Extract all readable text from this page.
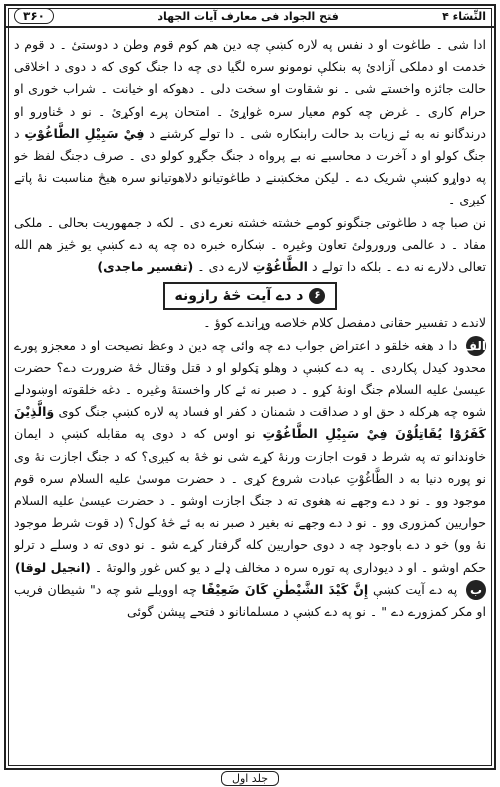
النِّسَاء ۴
فتح الجواد فی معارف آیات الجهاد
۳۶۰

ادا شی ۔ طاغوت او د نفس په لاره کښې چه دین هم کوم قوم وطن د دوستیٔ ۔ د قوم د خدمت او دملکی آزادیٔ په بنکلې نومونو سره لگیا دی چه دا جنگ کوی که د دوی د اخلاقی حالت جائزه واخستے شی ۔ نو شقاوت او سخت دلی ۔ دهوکه او خیانت ۔ شراب خوری او حرام کاری ۔ غرض چه کوم معیار سره غواړئ ۔ امتحان پرے اوکړئ ۔ نو د ځناورو او درندگانو نه به ئے زیات بد حالت رابنکاره شی ۔ دا تولے کرشنے د فِيْ سَبِيْلِ الطَّاغُوْتِ د جنگ کولو او د آخرت د محاسبے نه بے پرواه د جنگ جگړو کولو دی ۔ صرف دجنگ لفظ خو په دواړو کښې شریک دے ۔ لیکن مخکښنے د طاغوتیانو دلاهوتیانو سره هیڅ مناسبت نۀ پاتے کیږی ۔

نن صبا چه د طاغوتی جنگونو کومے خشته خشته نعرے دی ۔ لکه د جمهوریت بحالی ۔ ملکی مفاد ۔ د عالمی ورورولئ تعاون وغیره ۔ ښکاره خبره ده چه په دے کښې یو څیز هم الله تعالی دلارے نه دے ۔ بلکه دا تولے د الطَّاغُوْتِ لارے دی ۔ (تفسیر ماجدی)

۶
د دے آیت څۀ رازونه

لاندے د تفسیر حقانی دمفصل کلام خلاصه وړاندے کوؤ ۔

الف دا د هغه خلقو د اعتراض جواب دے چه وائی چه دین د وعظ نصیحت او د معجزو پورے محدود کیدل پکاردی ۔ په دے کښې د وهلو ټکولو او د قتل وقتال څۀ ضرورت دے؟ حضرت عیسیٰ علیه السلام جنگ اونۀ کړو ۔ د صبر نه ئے کار واخستۀ وغیره ۔ دغه خلقوته اوښودلے شوه چه هرکله د حق او د صداقت د شمنان د کفر او فساد په لاره کښې جنگ کوی وَالَّذِيْنَ كَفَرُوْا يُقَاتِلُوْنَ فِيْ سَبِيْلِ الطَّاغُوْتِ نو اوس که د دوی په مقابله کښې د ایمان خاوندانو ته په شرط د قوت اجازت ورنۀ کړے شی نو څۀ به کیږی؟ که د جنگ اجازت نۀ وی نو پوره دنیا به د الطَّاغُوْتِ عبادت شروع کړی ۔ د حضرت موسیٰ علیه السلام سره قوم موجود وو ۔ نو د دے وجهے نه هغوی ته د جنگ اجازت اوشو ۔ د حضرت عیسیٰ علیه السلام حواریین کمزوری وو ۔ نو د دے وجهے نه بغیر د صبر نه به ئے څۀ کول؟ (د قوت شرط موجود نۀ وو) خو د دے باوجود چه د دوی حواریین کله گرفتار کړے شو ۔ نو دوی ته د وسلے د ترلو حکم اوشو ۔ او د دیوداری په توره سره د مخالف ډلے د یو کس غوږ والوتۀ ۔ (انجیل لوقا)

ب په دے آیت کښې إِنَّ كَيْدَ الشَّيْطٰنِ كَانَ ضَعِيْفًا چه اوویلے شو چه د" شیطان فریب او مکر کمزورے دے " ۔ نو په دے کښې د مسلمانانو د فتحے پیشن گوئی

جلد اول
